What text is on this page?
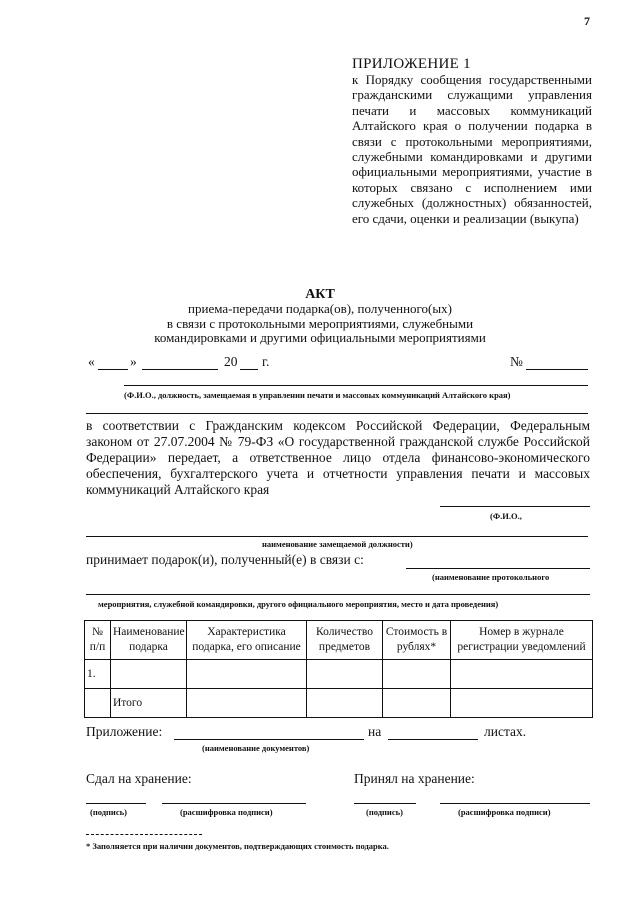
7
ПРИЛОЖЕНИЕ 1
к Порядку сообщения государственными гражданскими служащими управления печати и массовых коммуникаций Алтайского края о получении подарка в связи с протокольными мероприятиями, служебными командировками и другими официальными мероприятиями, участие в которых связано с исполнением ими служебных (должностных) обязанностей, его сдачи, оценки и реализации (выкупа)
АКТ
приема-передачи подарка(ов), полученного(ых)
в связи с протокольными мероприятиями, служебными
командировками и другими официальными мероприятиями
«	»	20 г.	№
(Ф.И.О., должность, замещаемая в управлении печати и массовых коммуникаций Алтайского края)
в соответствии с Гражданским кодексом Российской Федерации, Федеральным законом от 27.07.2004 № 79-ФЗ «О государственной гражданской службе Российской Федерации» передает, а ответственное лицо отдела финансово-экономического обеспечения, бухгалтерского учета и отчетности управления печати и массовых коммуникаций Алтайского края
(Ф.И.О.,
наименование замещаемой должности)
принимает подарок(и), полученный(е) в связи с:
(наименование протокольного
мероприятия, служебной командировки, другого официального мероприятия, место и дата проведения)
№ п/п	Наименование подарка	Характеристика подарка, его описание	Количество предметов	Стоимость в рублях*	Номер в журнале регистрации уведомлений
1.					
	Итого				
Приложение:	на	листах.
(наименование документов)
Сдал на хранение:	Принял на хранение:
(подпись)	(расшифровка подписи)	(подпись)	(расшифровка подписи)
* Заполняется при наличии документов, подтверждающих стоимость подарка.
